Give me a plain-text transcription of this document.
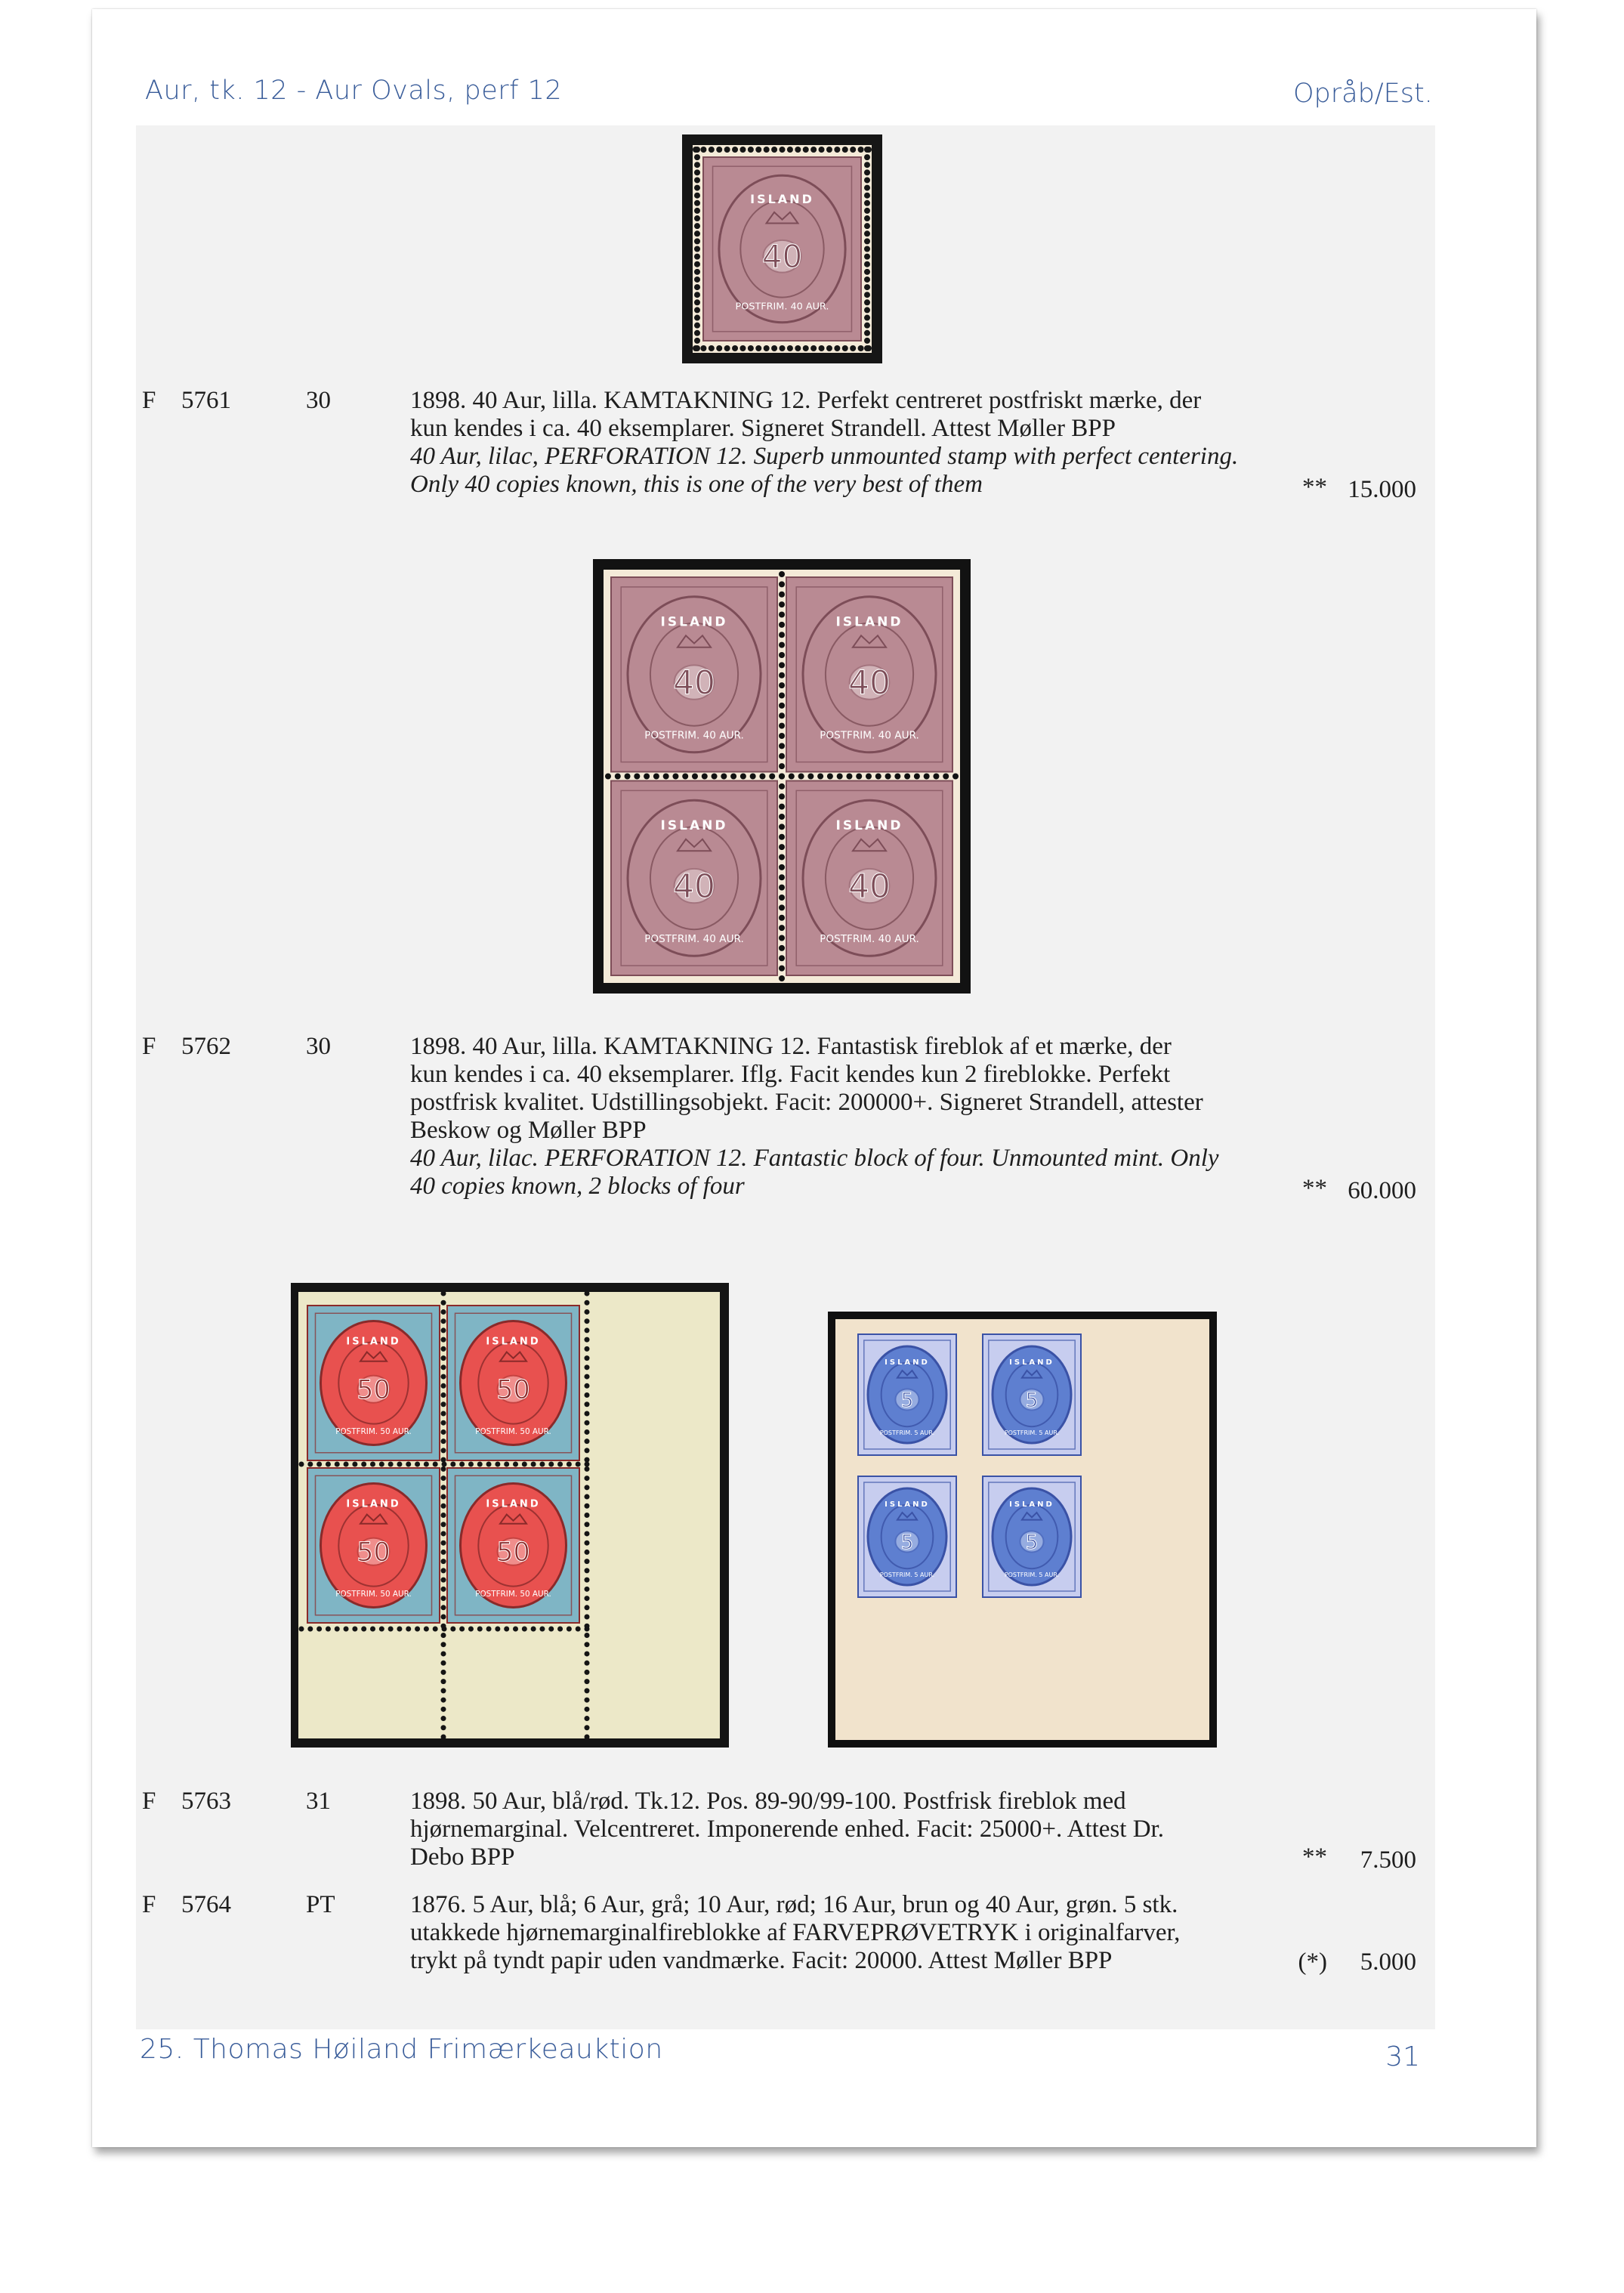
Aur, tk. 12 - Aur Ovals, perf 12	Opråb/Est.
ISLAND
40
POSTFRIM. 40 AUR.
ISLAND
40
POSTFRIM. 40 AUR.
ISLAND
40
POSTFRIM. 40 AUR.
ISLAND
40
POSTFRIM. 40 AUR.
ISLAND
40
POSTFRIM. 40 AUR.
ISLAND
50
POSTFRIM. 50 AUR.
ISLAND
50
POSTFRIM. 50 AUR.
ISLAND
50
POSTFRIM. 50 AUR.
ISLAND
50
POSTFRIM. 50 AUR.
ISLAND
5
POSTFRIM. 5 AUR.
ISLAND
5
POSTFRIM. 5 AUR.
ISLAND
5
POSTFRIM. 5 AUR.
ISLAND
5
POSTFRIM. 5 AUR.
F 5761	30	1898. 40 Aur, lilla. KAMTAKNING 12. Perfekt centreret postfriskt mærke, der
kun kendes i ca. 40 eksemplarer. Signeret Strandell. Attest Møller BPP
40 Aur, lilac, PERFORATION 12. Superb unmounted stamp with perfect centering.
Only 40 copies known, this is one of the very best of them	** 15.000
F 5762	30	1898. 40 Aur, lilla. KAMTAKNING 12. Fantastisk fireblok af et mærke, der
kun kendes i ca. 40 eksemplarer. Iflg. Facit kendes kun 2 fireblokke. Perfekt
postfrisk kvalitet. Udstillingsobjekt. Facit: 200000+. Signeret Strandell, attester
Beskow og Møller BPP
40 Aur, lilac. PERFORATION 12. Fantastic block of four. Unmounted mint. Only
40 copies known, 2 blocks of four	** 60.000
F 5763	31	1898. 50 Aur, blå/rød. Tk.12. Pos. 89-90/99-100. Postfrisk fireblok med
hjørnemarginal. Velcentreret. Imponerende enhed. Facit: 25000+. Attest Dr.
Debo BPP	**	7.500
F 5764	PT	1876. 5 Aur, blå; 6 Aur, grå; 10 Aur, rød; 16 Aur, brun og 40 Aur, grøn. 5 stk.
utakkede hjørnemarginalfireblokke af FARVEPRØVETRYK i originalfarver,
trykt på tyndt papir uden vandmærke. Facit: 20000. Attest Møller BPP	(*)	5.000
25. Thomas Høiland Frimærkeauktion	31
